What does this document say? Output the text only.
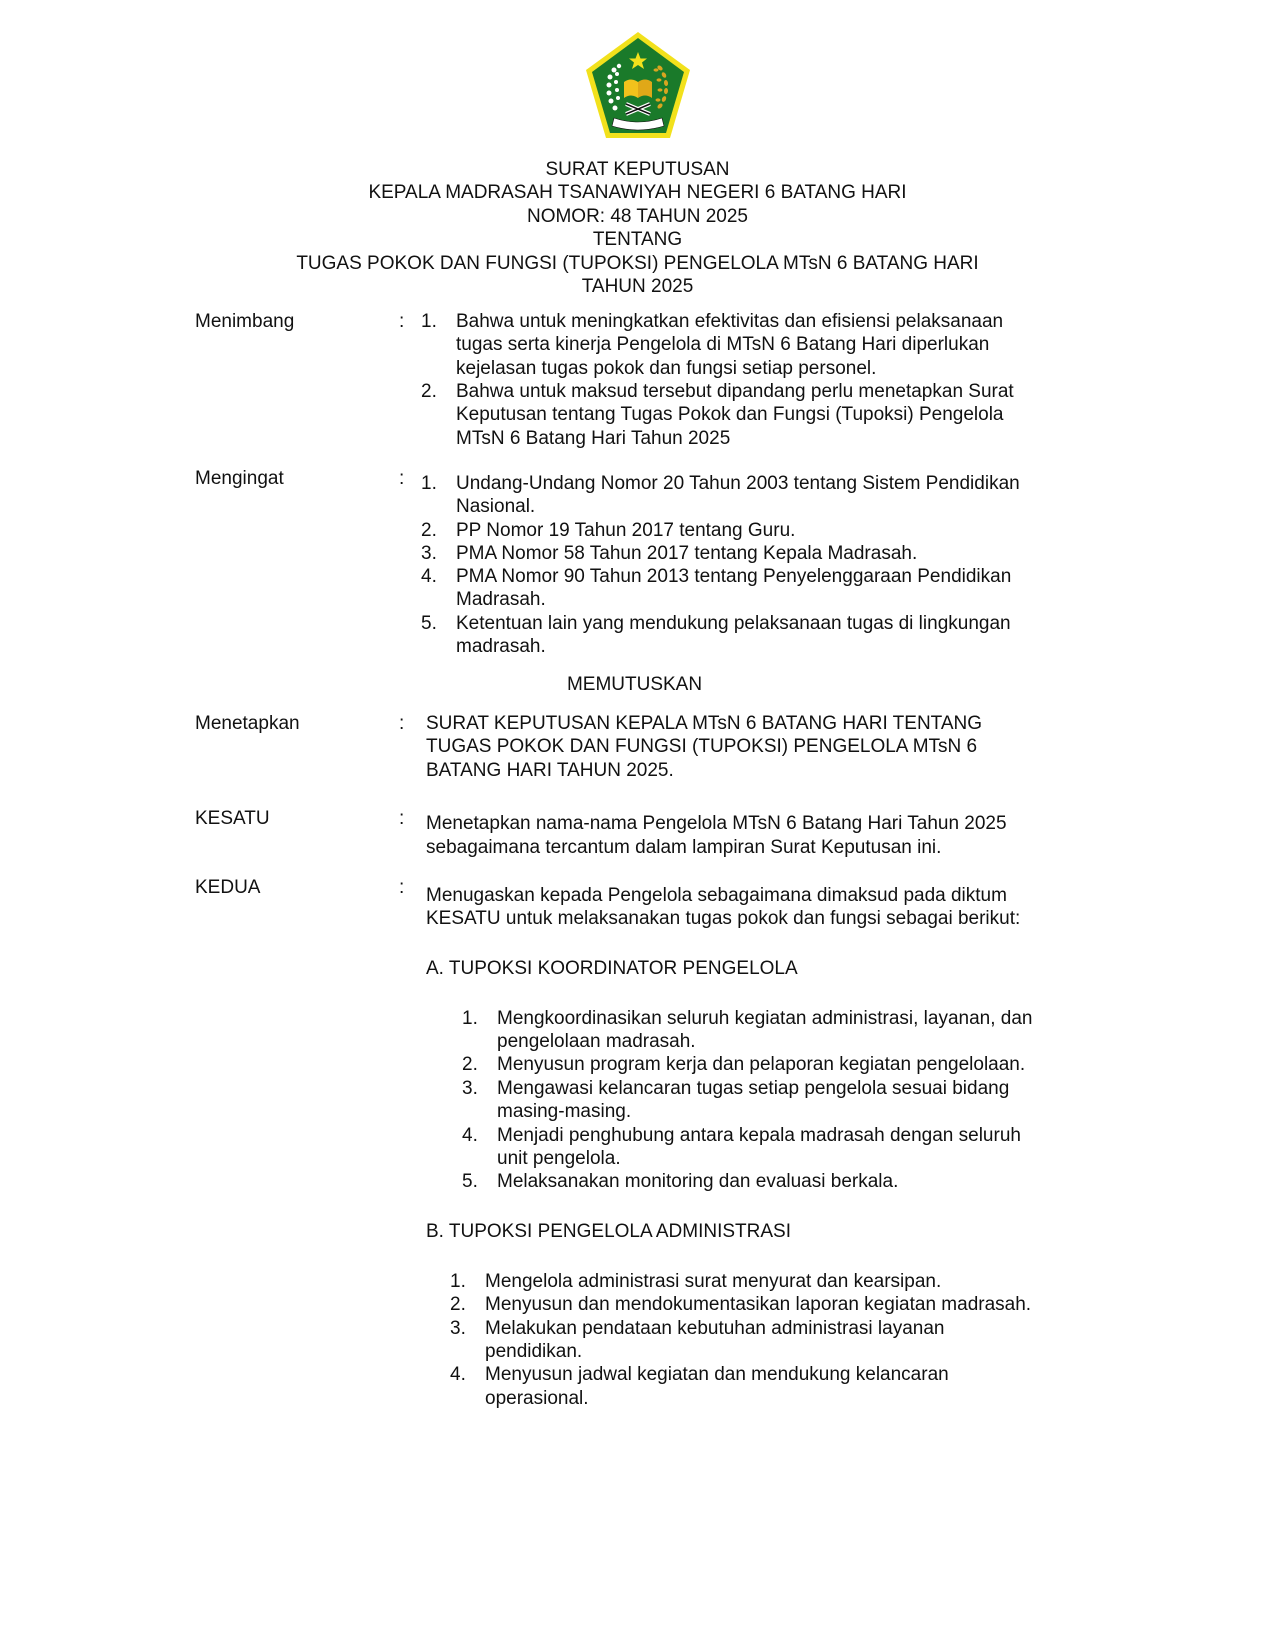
SURAT KEPUTUSAN
KEPALA MADRASAH TSANAWIYAH NEGERI 6 BATANG HARI
NOMOR: 48 TAHUN 2025
TENTANG
TUGAS POKOK DAN FUNGSI (TUPOKSI) PENGELOLA MTsN 6 BATANG HARI
TAHUN 2025
Menimbang	: 1. Bahwa untuk meningkatkan efektivitas dan efisiensi pelaksanaan
tugas serta kinerja Pengelola di MTsN 6 Batang Hari diperlukan
kejelasan tugas pokok dan fungsi setiap personel.
2. Bahwa untuk maksud tersebut dipandang perlu menetapkan Surat
Keputusan tentang Tugas Pokok dan Fungsi (Tupoksi) Pengelola
MTsN 6 Batang Hari Tahun 2025
Mengingat	: 1. Undang-Undang Nomor 20 Tahun 2003 tentang Sistem Pendidikan
Nasional.
2. PP Nomor 19 Tahun 2017 tentang Guru.
3. PMA Nomor 58 Tahun 2017 tentang Kepala Madrasah.
4. PMA Nomor 90 Tahun 2013 tentang Penyelenggaraan Pendidikan
Madrasah.
5. Ketentuan lain yang mendukung pelaksanaan tugas di lingkungan
madrasah.
MEMUTUSKAN
Menetapkan	: SURAT KEPUTUSAN KEPALA MTsN 6 BATANG HARI TENTANG
TUGAS POKOK DAN FUNGSI (TUPOKSI) PENGELOLA MTsN 6
BATANG HARI TAHUN 2025.
KESATU	: Menetapkan nama-nama Pengelola MTsN 6 Batang Hari Tahun 2025
sebagaimana tercantum dalam lampiran Surat Keputusan ini.
KEDUA	: Menugaskan kepada Pengelola sebagaimana dimaksud pada diktum
KESATU untuk melaksanakan tugas pokok dan fungsi sebagai berikut:
A. TUPOKSI KOORDINATOR PENGELOLA
1. Mengkoordinasikan seluruh kegiatan administrasi, layanan, dan
pengelolaan madrasah.
2. Menyusun program kerja dan pelaporan kegiatan pengelolaan.
3. Mengawasi kelancaran tugas setiap pengelola sesuai bidang
masing-masing.
4. Menjadi penghubung antara kepala madrasah dengan seluruh
unit pengelola.
5. Melaksanakan monitoring dan evaluasi berkala.
B. TUPOKSI PENGELOLA ADMINISTRASI
1. Mengelola administrasi surat menyurat dan kearsipan.
2. Menyusun dan mendokumentasikan laporan kegiatan madrasah.
3. Melakukan pendataan kebutuhan administrasi layanan
pendidikan.
4. Menyusun jadwal kegiatan dan mendukung kelancaran
operasional.
